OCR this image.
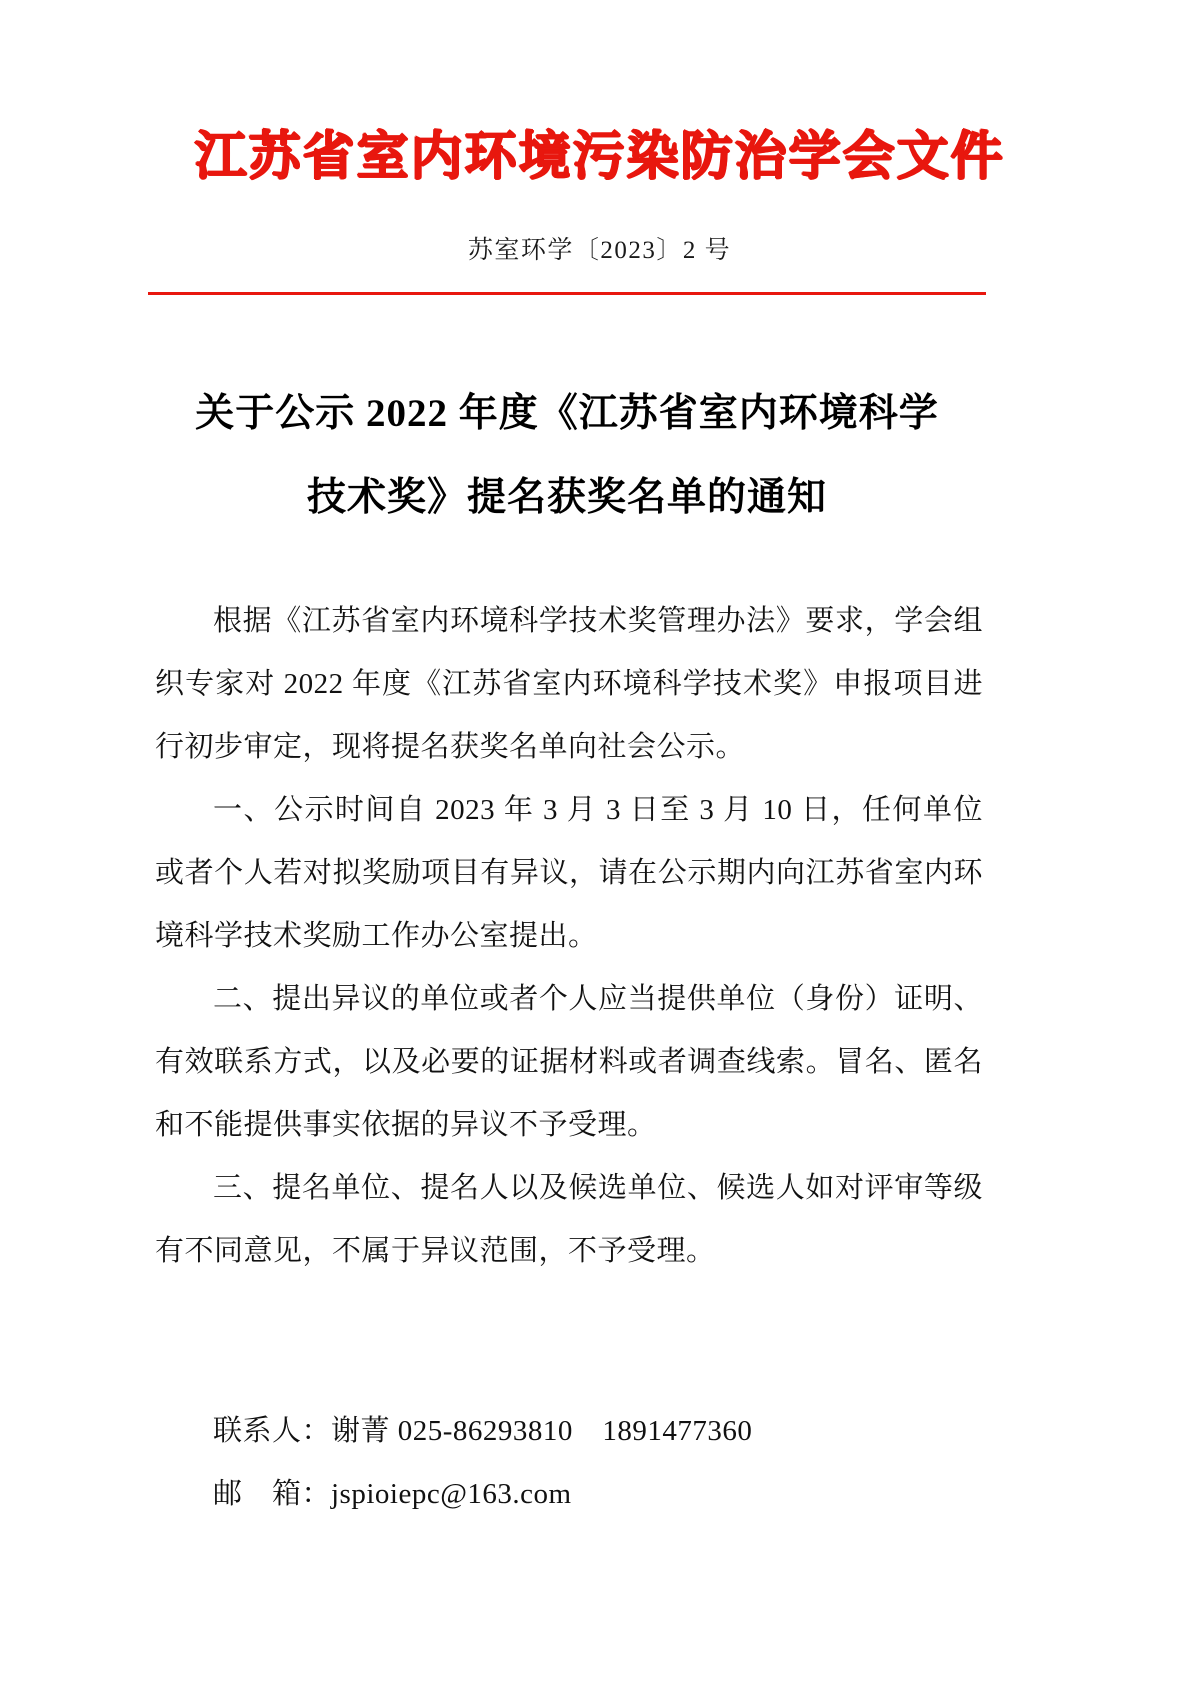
江苏省室内环境污染防治学会文件
苏室环学〔2023〕2 号
关于公示 2022 年度《江苏省室内环境科学
技术奖》提名获奖名单的通知

根据《江苏省室内环境科学技术奖管理办法》要求，学会组织专家对 2022 年度《江苏省室内环境科学技术奖》申报项目进行初步审定，现将提名获奖名单向社会公示。

一、公示时间自 2023 年 3 月 3 日至 3 月 10 日，任何单位或者个人若对拟奖励项目有异议，请在公示期内向江苏省室内环境科学技术奖励工作办公室提出。

二、提出异议的单位或者个人应当提供单位（身份）证明、有效联系方式，以及必要的证据材料或者调查线索。冒名、匿名和不能提供事实依据的异议不予受理。

三、提名单位、提名人以及候选单位、候选人如对评审等级有不同意见，不属于异议范围，不予受理。

联系人：谢菁 025-86293810　1891477360
邮　箱：jspioiepc@163.com
